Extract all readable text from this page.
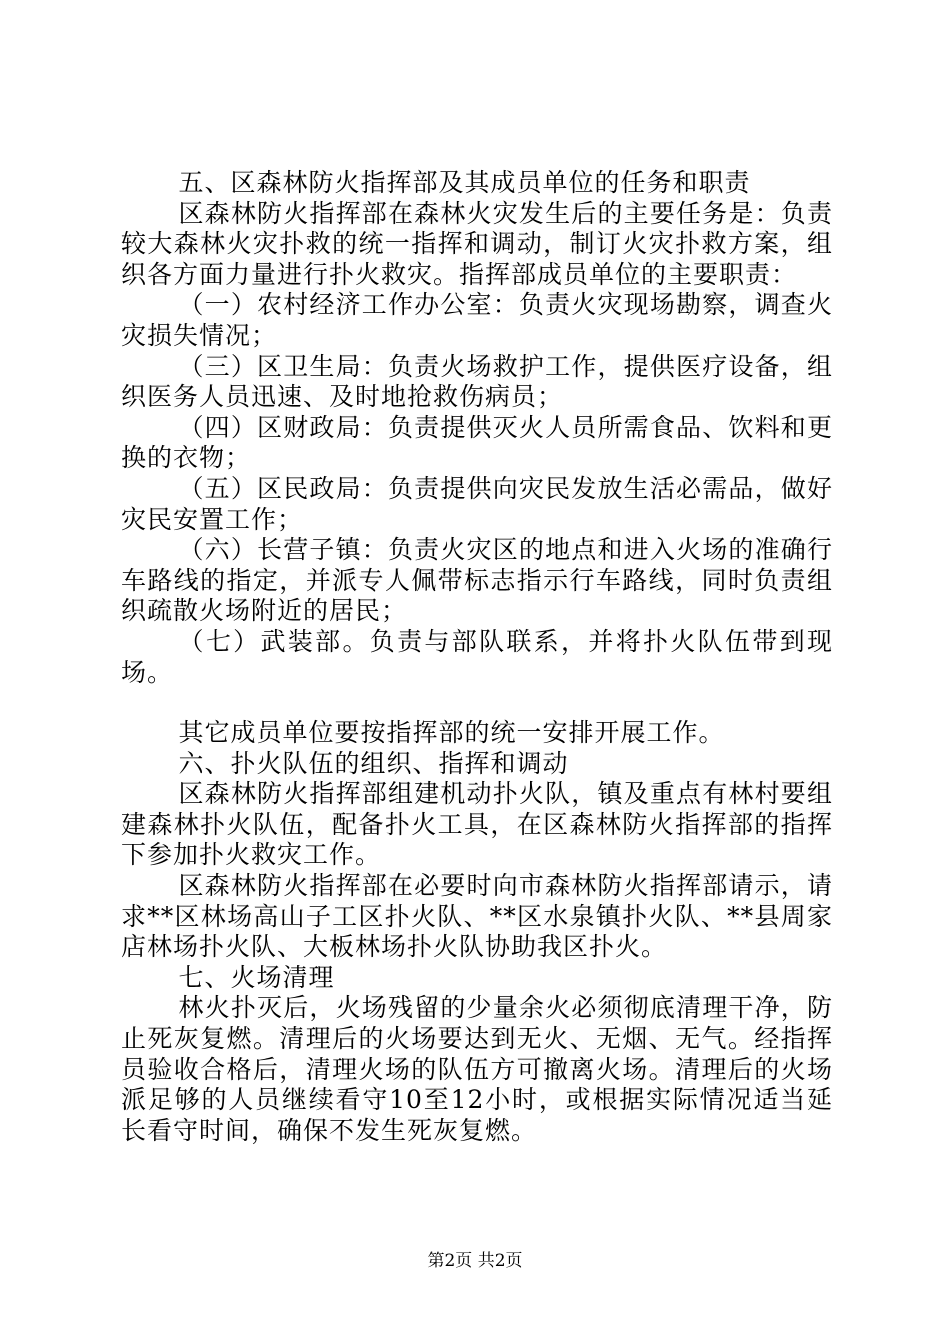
五、区森林防火指挥部及其成员单位的任务和职责

区森林防火指挥部在森林火灾发生后的主要任务是：负责较大森林火灾扑救的统一指挥和调动，制订火灾扑救方案，组织各方面力量进行扑火救灾。指挥部成员单位的主要职责：

（一）农村经济工作办公室：负责火灾现场勘察，调查火灾损失情况；

（三）区卫生局：负责火场救护工作，提供医疗设备，组织医务人员迅速、及时地抢救伤病员；

（四）区财政局：负责提供灭火人员所需食品、饮料和更换的衣物；

（五）区民政局：负责提供向灾民发放生活必需品，做好灾民安置工作；

（六）长营子镇：负责火灾区的地点和进入火场的准确行车路线的指定，并派专人佩带标志指示行车路线，同时负责组织疏散火场附近的居民；

（七）武装部。负责与部队联系，并将扑火队伍带到现场。

其它成员单位要按指挥部的统一安排开展工作。

六、扑火队伍的组织、指挥和调动

区森林防火指挥部组建机动扑火队，镇及重点有林村要组建森林扑火队伍，配备扑火工具，在区森林防火指挥部的指挥下参加扑火救灾工作。

区森林防火指挥部在必要时向市森林防火指挥部请示，请求**区林场高山子工区扑火队、**区水泉镇扑火队、**县周家店林场扑火队、大板林场扑火队协助我区扑火。

七、火场清理

林火扑灭后，火场残留的少量余火必须彻底清理干净，防止死灰复燃。清理后的火场要达到无火、无烟、无气。经指挥员验收合格后，清理火场的队伍方可撤离火场。清理后的火场派足够的人员继续看守10至12小时，或根据实际情况适当延长看守时间，确保不发生死灰复燃。

第2页 共2页
